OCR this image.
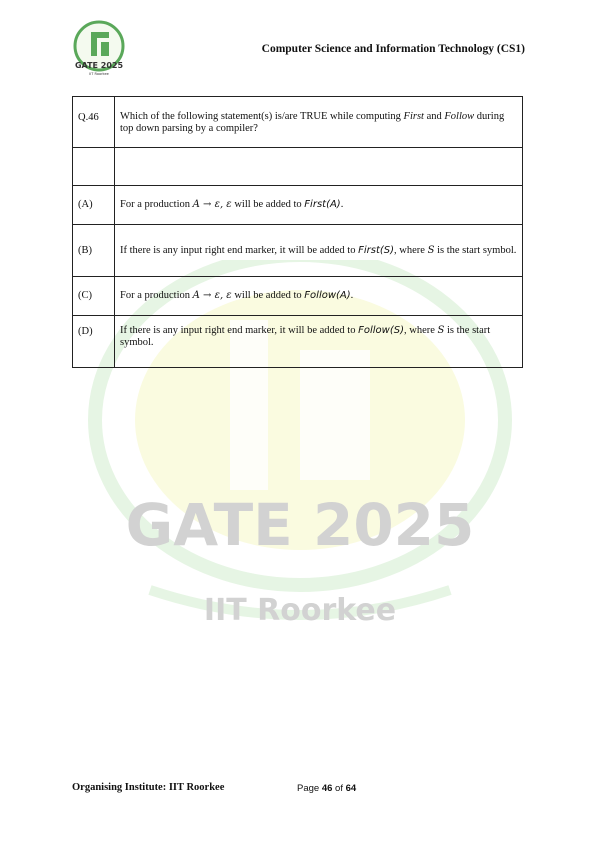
GATE 2025
IIT Roorkee
GATE 2025
IIT Roorkee
Computer Science and Information Technology (CS1)
Q.46	Which of the following statement(s) is/are TRUE while computing First and Follow during top down parsing by a compiler?

(A)	For a production A → ε, ε will be added to First(A).
(B)	If there is any input right end marker, it will be added to First(S), where S is the start symbol.
(C)	For a production A → ε, ε will be added to Follow(A).
(D)	If there is any input right end marker, it will be added to Follow(S), where S is the start symbol.
Organising Institute: IIT Roorkee	Page 46 of 64
